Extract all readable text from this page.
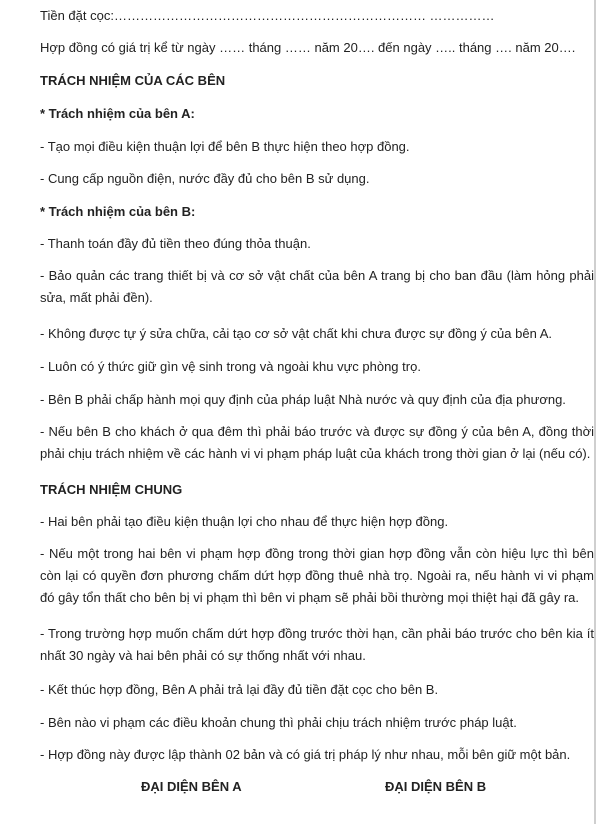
Tiền đặt cọc:……………………………………………………………… ……………
Hợp đồng có giá trị kể từ ngày …… tháng …… năm 20…. đến ngày ….. tháng …. năm 20….
TRÁCH NHIỆM CỦA CÁC BÊN
* Trách nhiệm của bên A:
- Tạo mọi điều kiện thuận lợi để bên B thực hiện theo hợp đồng.
- Cung cấp nguồn điện, nước đầy đủ cho bên B sử dụng.
* Trách nhiệm của bên B:
- Thanh toán đầy đủ tiền theo đúng thỏa thuận.
- Bảo quản các trang thiết bị và cơ sở vật chất của bên A trang bị cho ban đầu (làm hỏng phải sửa, mất phải đền).
- Không được tự ý sửa chữa, cải tạo cơ sở vật chất khi chưa được sự đồng ý của bên A.
- Luôn có ý thức giữ gìn vệ sinh trong và ngoài khu vực phòng trọ.
- Bên B phải chấp hành mọi quy định của pháp luật Nhà nước và quy định của địa phương.
- Nếu bên B cho khách ở qua đêm thì phải báo trước và được sự đồng ý của bên A, đồng thời phải chịu trách nhiệm về các hành vi vi phạm pháp luật của khách trong thời gian ở lại (nếu có).
TRÁCH NHIỆM CHUNG
- Hai bên phải tạo điều kiện thuận lợi cho nhau để thực hiện hợp đồng.
- Nếu một trong hai bên vi phạm hợp đồng trong thời gian hợp đồng vẫn còn hiệu lực thì bên còn lại có quyền đơn phương chấm dứt hợp đồng thuê nhà trọ. Ngoài ra, nếu hành vi vi phạm đó gây tổn thất cho bên bị vi phạm thì bên vi phạm sẽ phải bồi thường mọi thiệt hại đã gây ra.
- Trong trường hợp muốn chấm dứt hợp đồng trước thời hạn, cần phải báo trước cho bên kia ít nhất 30 ngày và hai bên phải có sự thống nhất với nhau.
- Kết thúc hợp đồng, Bên A phải trả lại đầy đủ tiền đặt cọc cho bên B.
- Bên nào vi phạm các điều khoản chung thì phải chịu trách nhiệm trước pháp luật.
- Hợp đồng này được lập thành 02 bản và có giá trị pháp lý như nhau, mỗi bên giữ một bản.
ĐẠI DIỆN BÊN A	ĐẠI DIỆN BÊN B
